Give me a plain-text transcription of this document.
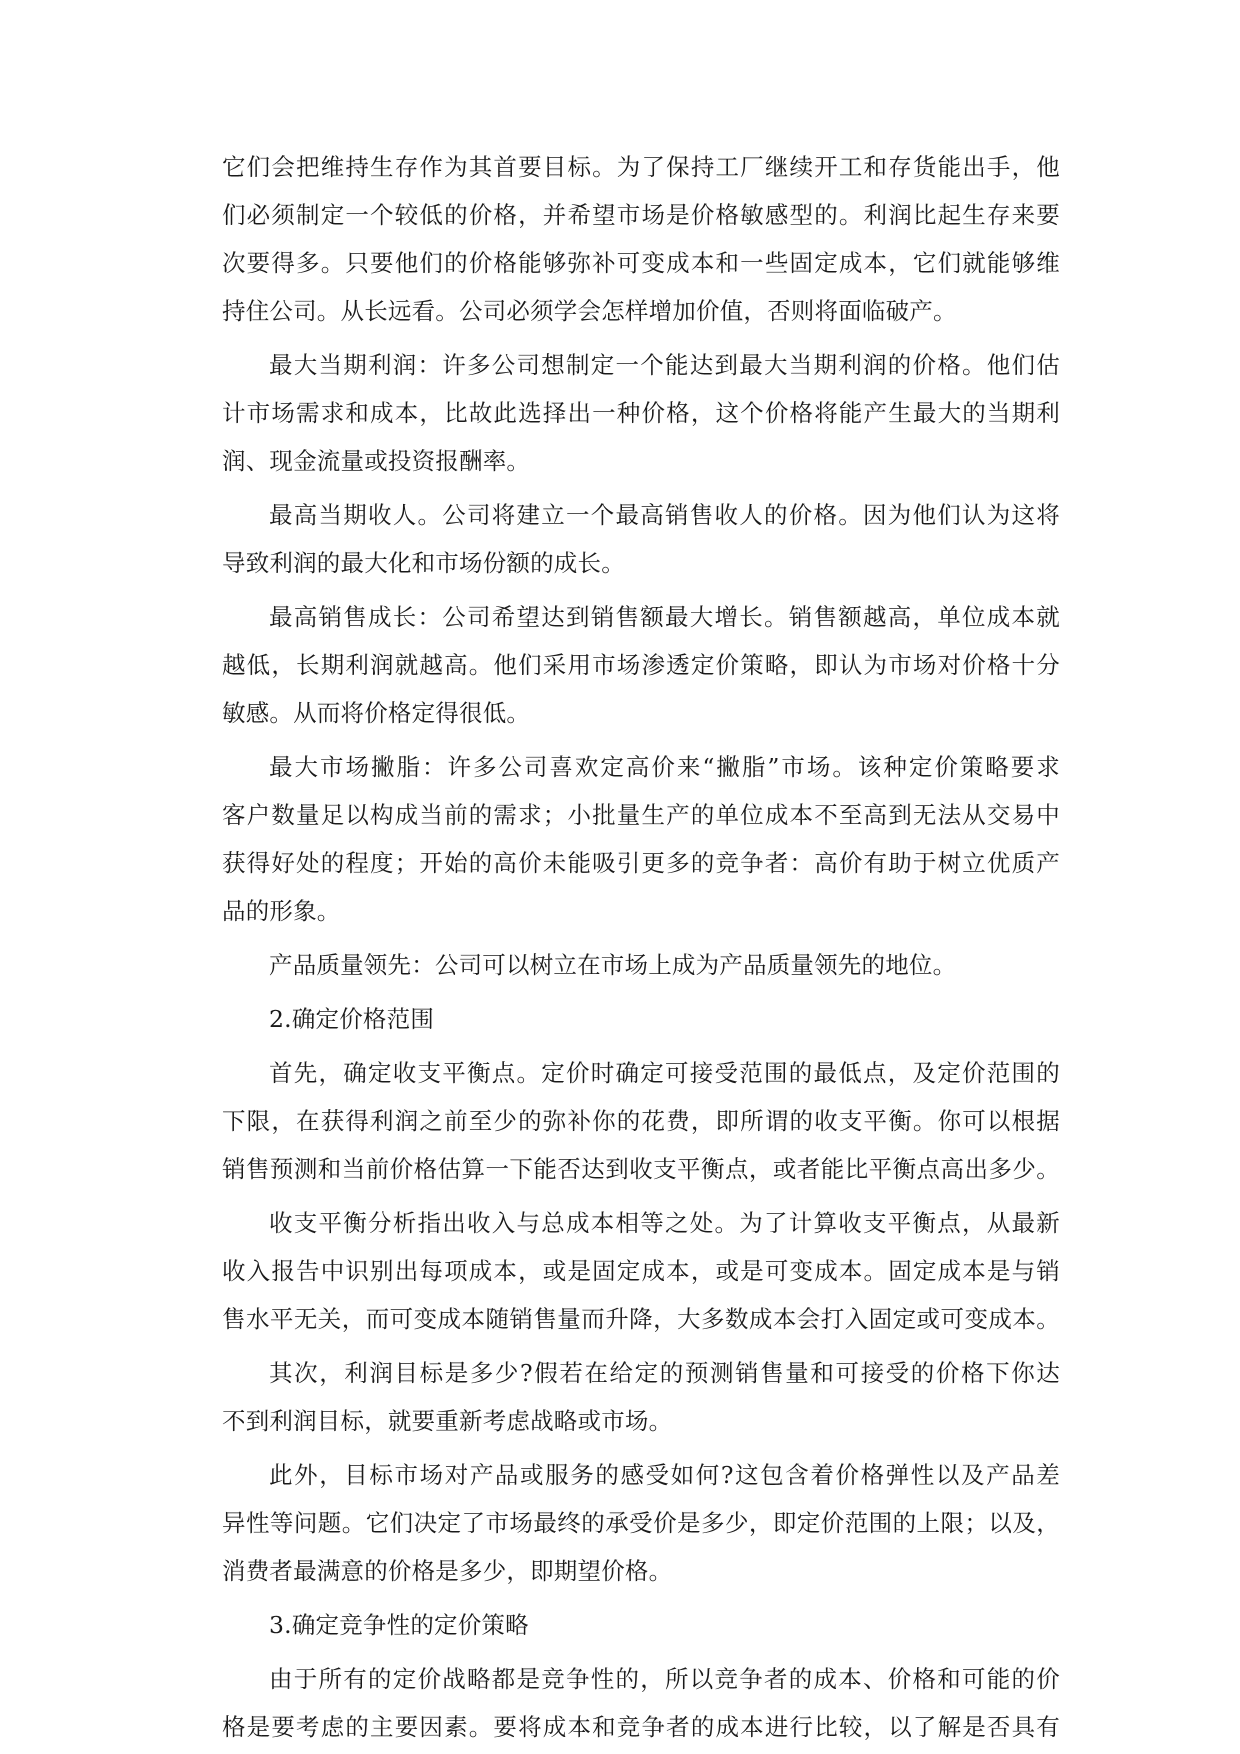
它们会把维持生存作为其首要目标。为了保持工厂继续开工和存货能出手，他
们必须制定一个较低的价格，并希望市场是价格敏感型的。利润比起生存来要
次要得多。只要他们的价格能够弥补可变成本和一些固定成本，它们就能够维
持住公司。从长远看。公司必须学会怎样增加价值，否则将面临破产。
最大当期利润：许多公司想制定一个能达到最大当期利润的价格。他们估
计市场需求和成本，比故此选择出一种价格，这个价格将能产生最大的当期利
润、现金流量或投资报酬率。
最高当期收人。公司将建立一个最高销售收人的价格。因为他们认为这将
导致利润的最大化和市场份额的成长。
最高销售成长：公司希望达到销售额最大增长。销售额越高，单位成本就
越低，长期利润就越高。他们采用市场渗透定价策略，即认为市场对价格十分
敏感。从而将价格定得很低。
最大市场撇脂：许多公司喜欢定高价来“撇脂”市场。该种定价策略要求
客户数量足以构成当前的需求；小批量生产的单位成本不至高到无法从交易中
获得好处的程度；开始的高价未能吸引更多的竞争者：高价有助于树立优质产
品的形象。
产品质量领先：公司可以树立在市场上成为产品质量领先的地位。
2.确定价格范围
首先，确定收支平衡点。定价时确定可接受范围的最低点，及定价范围的
下限，在获得利润之前至少的弥补你的花费，即所谓的收支平衡。你可以根据
销售预测和当前价格估算一下能否达到收支平衡点，或者能比平衡点高出多少。
收支平衡分析指出收入与总成本相等之处。为了计算收支平衡点，从最新
收入报告中识别出每项成本，或是固定成本，或是可变成本。固定成本是与销
售水平无关，而可变成本随销售量而升降，大多数成本会打入固定或可变成本。
其次，利润目标是多少?假若在给定的预测销售量和可接受的价格下你达
不到利润目标，就要重新考虑战略或市场。
此外，目标市场对产品或服务的感受如何?这包含着价格弹性以及产品差
异性等问题。它们决定了市场最终的承受价是多少，即定价范围的上限；以及，
消费者最满意的价格是多少，即期望价格。
3.确定竞争性的定价策略
由于所有的定价战略都是竞争性的，所以竞争者的成本、价格和可能的价
格是要考虑的主要因素。要将成本和竞争者的成本进行比较，以了解是否具有
